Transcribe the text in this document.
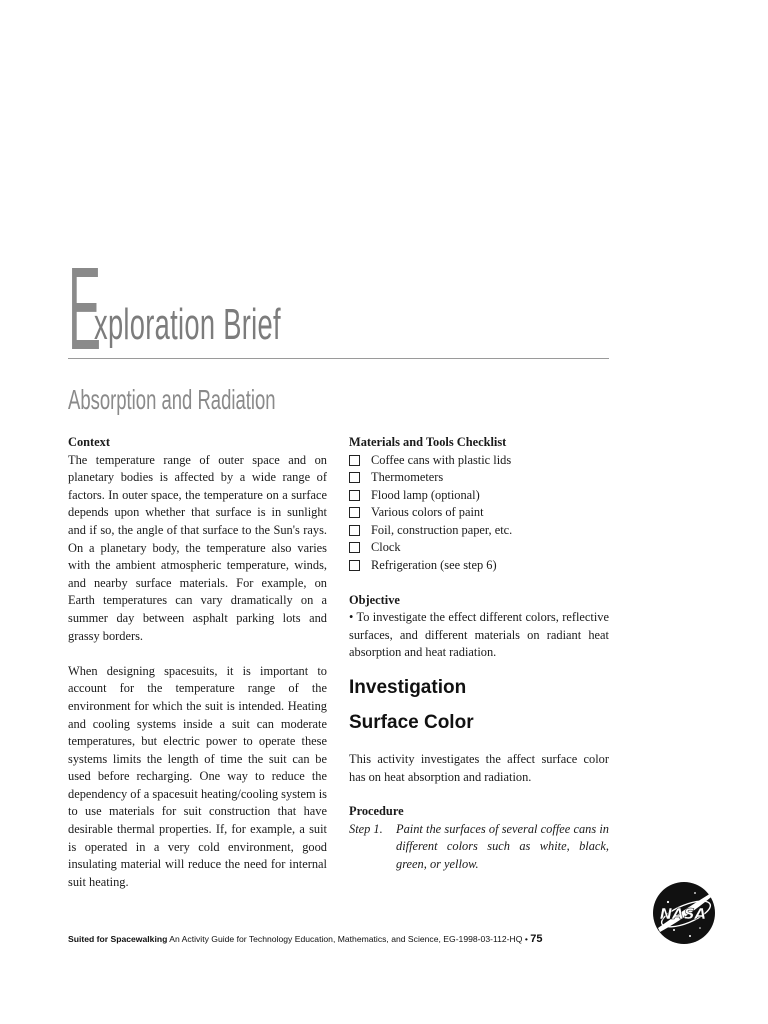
E
xploration Brief
Absorption and Radiation

Context

The temperature range of outer space and on planetary bodies is affected by a wide range of factors. In outer space, the temperature on a surface depends upon whether that surface is in sunlight and if so, the angle of that surface to the Sun's rays. On a planetary body, the temperature also varies with the ambient atmospheric temperature, winds, and nearby surface materials. For example, on Earth temperatures can vary dramatically on a summer day between asphalt parking lots and grassy borders.

When designing spacesuits, it is important to account for the temperature range of the environment for which the suit is intended. Heating and cooling systems inside a suit can moderate temperatures, but electric power to operate these systems limits the length of time the suit can be used before recharging. One way to reduce the dependency of a spacesuit heating/cooling system is to use materials for suit construction that have desirable thermal properties. If, for example, a suit is operated in a very cold environment, good insulating material will reduce the need for internal suit heating.

Materials and Tools Checklist

Coffee cans with plastic lids
Thermometers
Flood lamp (optional)
Various colors of paint
Foil, construction paper, etc.
Clock
Refrigeration (see step 6)

Objective

• To investigate the effect different colors, reflective surfaces, and different materials on radiant heat absorption and heat radiation.

Investigation

Surface Color

This activity investigates the affect surface color has on heat absorption and radiation.

Procedure

Step 1.	Paint the surfaces of several coffee cans in different colors such as white, black, green, or yellow.
NASA
Suited for Spacewalking An Activity Guide for Technology Education, Mathematics, and Science, EG-1998-03-112-HQ • 75
